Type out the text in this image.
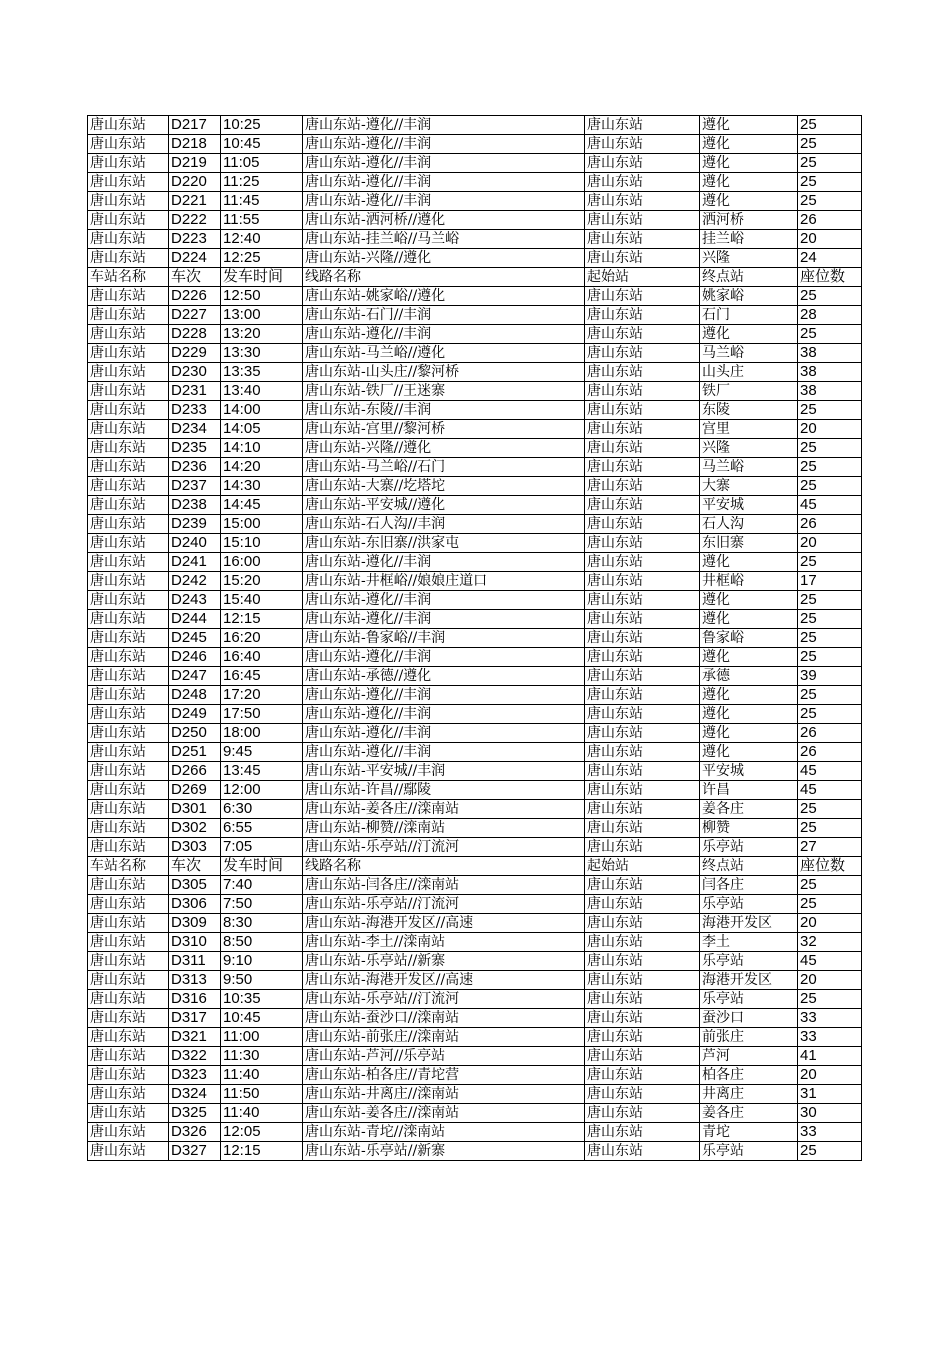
唐山东站	D217	10:25	唐山东站-遵化//丰润	唐山东站	遵化	25
唐山东站	D218	10:45	唐山东站-遵化//丰润	唐山东站	遵化	25
唐山东站	D219	11:05	唐山东站-遵化//丰润	唐山东站	遵化	25
唐山东站	D220	11:25	唐山东站-遵化//丰润	唐山东站	遵化	25
唐山东站	D221	11:45	唐山东站-遵化//丰润	唐山东站	遵化	25
唐山东站	D222	11:55	唐山东站-洒河桥//遵化	唐山东站	洒河桥	26
唐山东站	D223	12:40	唐山东站-挂兰峪//马兰峪	唐山东站	挂兰峪	20
唐山东站	D224	12:25	唐山东站-兴隆//遵化	唐山东站	兴隆	24
车站名称	车次	发车时间	线路名称	起始站	终点站	座位数
唐山东站	D226	12:50	唐山东站-姚家峪//遵化	唐山东站	姚家峪	25
唐山东站	D227	13:00	唐山东站-石门//丰润	唐山东站	石门	28
唐山东站	D228	13:20	唐山东站-遵化//丰润	唐山东站	遵化	25
唐山东站	D229	13:30	唐山东站-马兰峪//遵化	唐山东站	马兰峪	38
唐山东站	D230	13:35	唐山东站-山头庄//黎河桥	唐山东站	山头庄	38
唐山东站	D231	13:40	唐山东站-铁厂//王迷寨	唐山东站	铁厂	38
唐山东站	D233	14:00	唐山东站-东陵//丰润	唐山东站	东陵	25
唐山东站	D234	14:05	唐山东站-宫里//黎河桥	唐山东站	宫里	20
唐山东站	D235	14:10	唐山东站-兴隆//遵化	唐山东站	兴隆	25
唐山东站	D236	14:20	唐山东站-马兰峪//石门	唐山东站	马兰峪	25
唐山东站	D237	14:30	唐山东站-大寨//圪塔坨	唐山东站	大寨	25
唐山东站	D238	14:45	唐山东站-平安城//遵化	唐山东站	平安城	45
唐山东站	D239	15:00	唐山东站-石人沟//丰润	唐山东站	石人沟	26
唐山东站	D240	15:10	唐山东站-东旧寨//洪家屯	唐山东站	东旧寨	20
唐山东站	D241	16:00	唐山东站-遵化//丰润	唐山东站	遵化	25
唐山东站	D242	15:20	唐山东站-井框峪//娘娘庄道口	唐山东站	井框峪	17
唐山东站	D243	15:40	唐山东站-遵化//丰润	唐山东站	遵化	25
唐山东站	D244	12:15	唐山东站-遵化//丰润	唐山东站	遵化	25
唐山东站	D245	16:20	唐山东站-鲁家峪//丰润	唐山东站	鲁家峪	25
唐山东站	D246	16:40	唐山东站-遵化//丰润	唐山东站	遵化	25
唐山东站	D247	16:45	唐山东站-承德//遵化	唐山东站	承德	39
唐山东站	D248	17:20	唐山东站-遵化//丰润	唐山东站	遵化	25
唐山东站	D249	17:50	唐山东站-遵化//丰润	唐山东站	遵化	25
唐山东站	D250	18:00	唐山东站-遵化//丰润	唐山东站	遵化	26
唐山东站	D251	9:45	唐山东站-遵化//丰润	唐山东站	遵化	26
唐山东站	D266	13:45	唐山东站-平安城//丰润	唐山东站	平安城	45
唐山东站	D269	12:00	唐山东站-许昌//鄢陵	唐山东站	许昌	45
唐山东站	D301	6:30	唐山东站-姜各庄//滦南站	唐山东站	姜各庄	25
唐山东站	D302	6:55	唐山东站-柳赞//滦南站	唐山东站	柳赞	25
唐山东站	D303	7:05	唐山东站-乐亭站//汀流河	唐山东站	乐亭站	27
车站名称	车次	发车时间	线路名称	起始站	终点站	座位数
唐山东站	D305	7:40	唐山东站-闫各庄//滦南站	唐山东站	闫各庄	25
唐山东站	D306	7:50	唐山东站-乐亭站//汀流河	唐山东站	乐亭站	25
唐山东站	D309	8:30	唐山东站-海港开发区//高速	唐山东站	海港开发区	20
唐山东站	D310	8:50	唐山东站-李土//滦南站	唐山东站	李土	32
唐山东站	D311	9:10	唐山东站-乐亭站//新寨	唐山东站	乐亭站	45
唐山东站	D313	9:50	唐山东站-海港开发区//高速	唐山东站	海港开发区	20
唐山东站	D316	10:35	唐山东站-乐亭站//汀流河	唐山东站	乐亭站	25
唐山东站	D317	10:45	唐山东站-蚕沙口//滦南站	唐山东站	蚕沙口	33
唐山东站	D321	11:00	唐山东站-前张庄//滦南站	唐山东站	前张庄	33
唐山东站	D322	11:30	唐山东站-芦河//乐亭站	唐山东站	芦河	41
唐山东站	D323	11:40	唐山东站-柏各庄//青坨营	唐山东站	柏各庄	20
唐山东站	D324	11:50	唐山东站-井离庄//滦南站	唐山东站	井离庄	31
唐山东站	D325	11:40	唐山东站-姜各庄//滦南站	唐山东站	姜各庄	30
唐山东站	D326	12:05	唐山东站-青坨//滦南站	唐山东站	青坨	33
唐山东站	D327	12:15	唐山东站-乐亭站//新寨	唐山东站	乐亭站	25
